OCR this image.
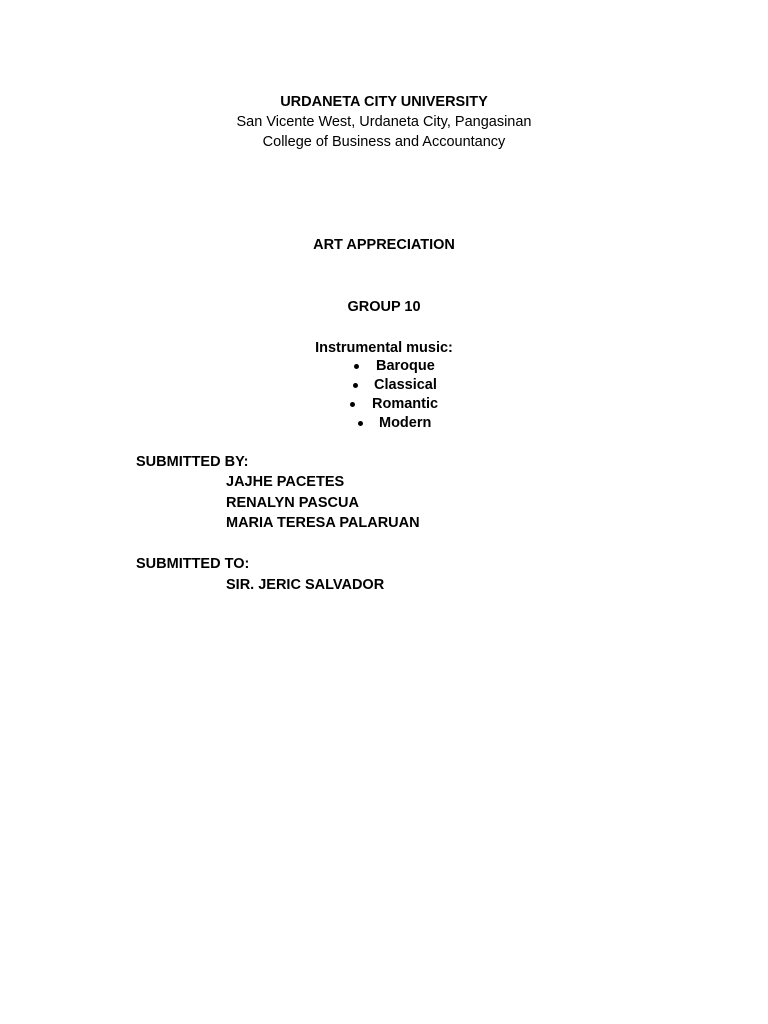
URDANETA CITY UNIVERSITY
San Vicente West, Urdaneta City, Pangasinan
College of Business and Accountancy
ART APPRECIATION
GROUP 10
Instrumental music:
Baroque
Classical
Romantic
Modern
SUBMITTED BY:
JAJHE PACETES
RENALYN PASCUA
MARIA TERESA PALARUAN
SUBMITTED TO:
SIR. JERIC SALVADOR
